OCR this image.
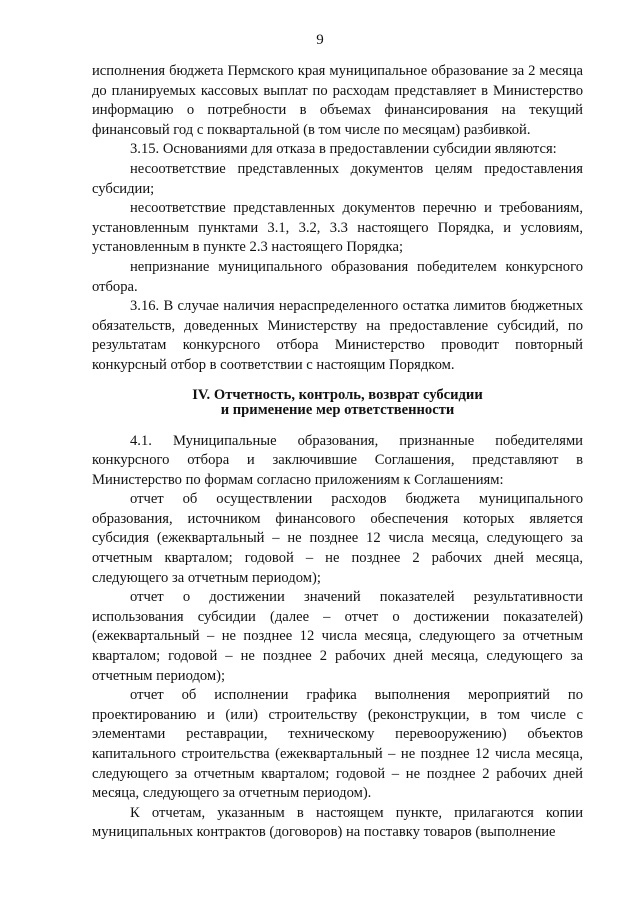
9

исполнения бюджета Пермского края муниципальное образование за 2 месяца до планируемых кассовых выплат по расходам представляет в Министерство информацию о потребности в объемах финансирования на текущий финансовый год с поквартальной (в том числе по месяцам) разбивкой.

3.15. Основаниями для отказа в предоставлении субсидии являются:

несоответствие представленных документов целям предоставления субсидии;

несоответствие представленных документов перечню и требованиям, установленным пунктами 3.1, 3.2, 3.3 настоящего Порядка, и условиям, установленным в пункте 2.3 настоящего Порядка;

непризнание муниципального образования победителем конкурсного отбора.

3.16. В случае наличия нераспределенного остатка лимитов бюджетных обязательств, доведенных Министерству на предоставление субсидий, по результатам конкурсного отбора Министерство проводит повторный конкурсный отбор в соответствии с настоящим Порядком.

IV. Отчетность, контроль, возврат субсидии
и применение мер ответственности

4.1. Муниципальные образования, признанные победителями конкурсного отбора и заключившие Соглашения, представляют в Министерство по формам согласно приложениям к Соглашениям:

отчет об осуществлении расходов бюджета муниципального образования, источником финансового обеспечения которых является субсидия (ежеквартальный – не позднее 12 числа месяца, следующего за отчетным кварталом; годовой – не позднее 2 рабочих дней месяца, следующего за отчетным периодом);

отчет о достижении значений показателей результативности использования субсидии (далее – отчет о достижении показателей) (ежеквартальный – не позднее 12 числа месяца, следующего за отчетным кварталом; годовой – не позднее 2 рабочих дней месяца, следующего за отчетным периодом);

отчет об исполнении графика выполнения мероприятий по проектированию и (или) строительству (реконструкции, в том числе с элементами реставрации, техническому перевооружению) объектов капитального строительства (ежеквартальный – не позднее 12 числа месяца, следующего за отчетным кварталом; годовой – не позднее 2 рабочих дней месяца, следующего за отчетным периодом).

К отчетам, указанным в настоящем пункте, прилагаются копии муниципальных контрактов (договоров) на поставку товаров (выполнение
